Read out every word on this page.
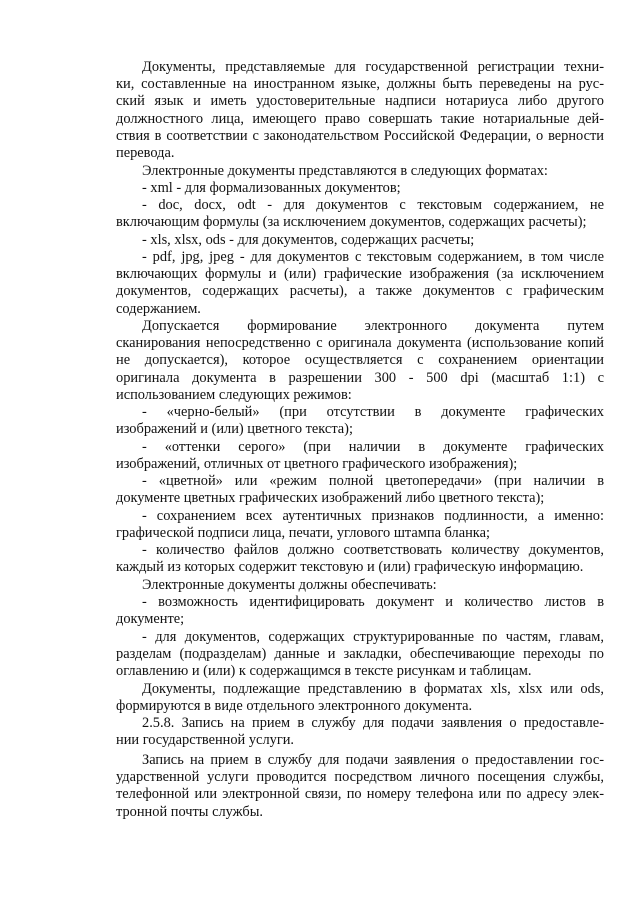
Документы, представляемые для государственной регистрации техни-
ки, составленные на иностранном языке, должны быть переведены на рус-
ский язык и иметь удостоверительные надписи нотариуса либо другого
должностного лица, имеющего право совершать такие нотариальные дей-
ствия в соответствии с законодательством Российской Федерации, о верности
перевода.
Электронные документы представляются в следующих форматах:
- xml - для формализованных документов;
- doc, docx, odt - для документов с текстовым содержанием, не
включающим формулы (за исключением документов, содержащих расчеты);
- xls, xlsx, ods - для документов, содержащих расчеты;
- pdf, jpg, jpeg - для документов с текстовым содержанием, в том числе
включающих формулы и (или) графические изображения (за исключением
документов, содержащих расчеты), а также документов с графическим
содержанием.
Допускается формирование электронного документа путем
сканирования непосредственно с оригинала документа (использование копий
не допускается), которое осуществляется с сохранением ориентации
оригинала документа в разрешении 300 - 500 dpi (масштаб 1:1) с
использованием следующих режимов:
- «черно-белый» (при отсутствии в документе графических
изображений и (или) цветного текста);
- «оттенки серого» (при наличии в документе графических
изображений, отличных от цветного графического изображения);
- «цветной» или «режим полной цветопередачи» (при наличии в
документе цветных графических изображений либо цветного текста);
- сохранением всех аутентичных признаков подлинности, а именно:
графической подписи лица, печати, углового штампа бланка;
- количество файлов должно соответствовать количеству документов,
каждый из которых содержит текстовую и (или) графическую информацию.
Электронные документы должны обеспечивать:
- возможность идентифицировать документ и количество листов в
документе;
- для документов, содержащих структурированные по частям, главам,
разделам (подразделам) данные и закладки, обеспечивающие переходы по
оглавлению и (или) к содержащимся в тексте рисункам и таблицам.
Документы, подлежащие представлению в форматах xls, xlsx или ods,
формируются в виде отдельного электронного документа.
2.5.8. Запись на прием в службу для подачи заявления о предоставле-
нии государственной услуги.
Запись на прием в службу для подачи заявления о предоставлении гос-
ударственной услуги проводится посредством личного посещения службы,
телефонной или электронной связи, по номеру телефона или по адресу элек-
тронной почты службы.
